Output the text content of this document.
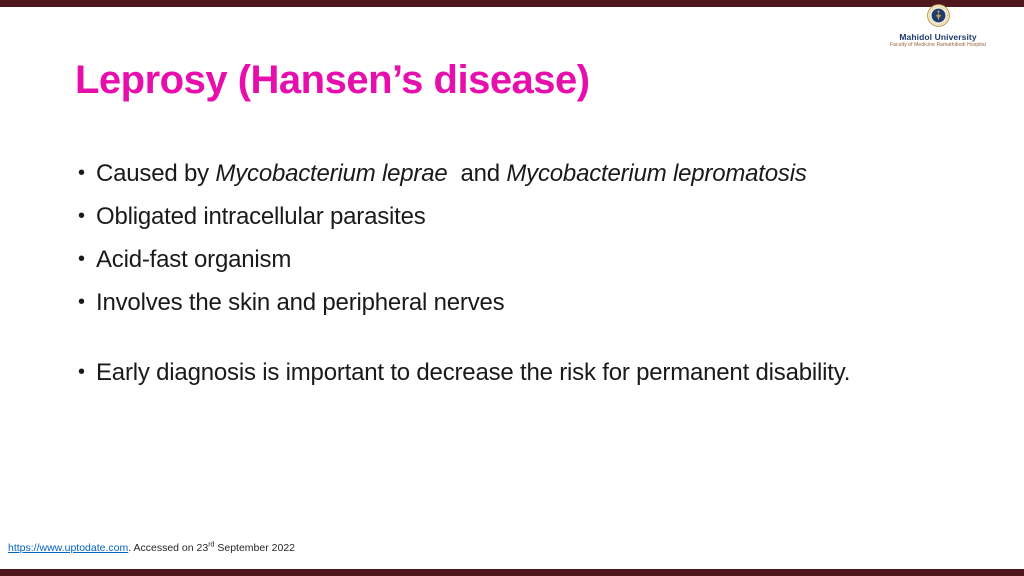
Mahidol University
Faculty of Medicine Ramathibodi Hospital
Leprosy (Hansen’s disease)
• Caused by Mycobacterium leprae  and Mycobacterium lepromatosis
• Obligated intracellular parasites
• Acid-fast organism
• Involves the skin and peripheral nerves
• Early diagnosis is important to decrease the risk for permanent disability.
https://www.uptodate.com. Accessed on 23rd September 2022
